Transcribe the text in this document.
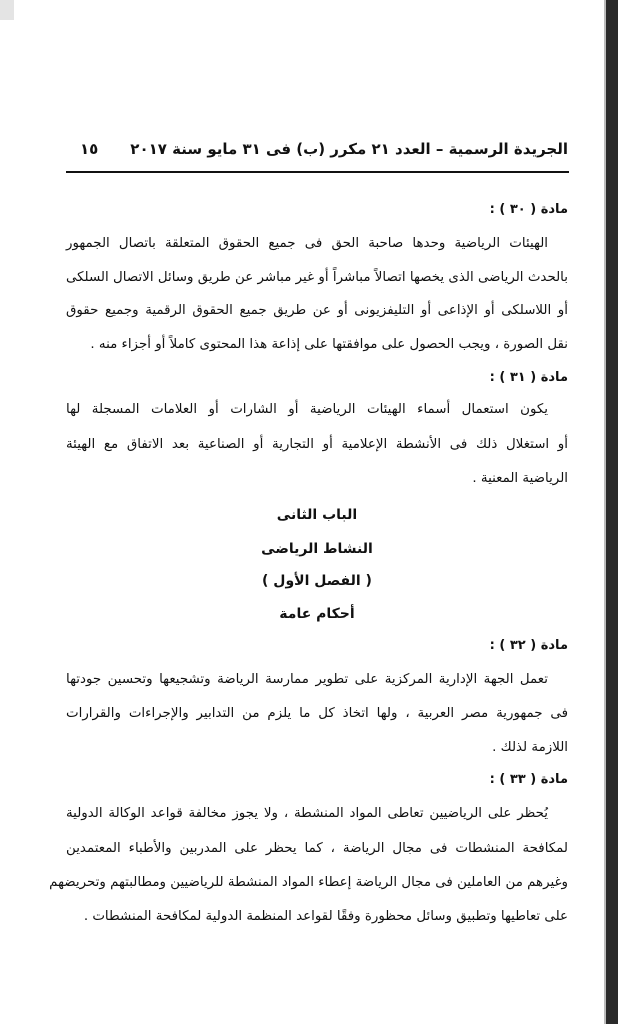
الجريدة الرسمية – العدد ٢١ مكرر (ب) فى ٣١ مايو سنة ٢٠١٧
١٥
مادة ( ٣٠ ) :
الهيئات الرياضية وحدها صاحبة الحق فى جميع الحقوق المتعلقة باتصال الجمهور
بالحدث الرياضى الذى يخصها اتصالاً مباشراً أو غير مباشر عن طريق وسائل الاتصال السلكى
أو اللاسلكى أو الإذاعى أو التليفزيونى أو عن طريق جميع الحقوق الرقمية وجميع حقوق
نقل الصورة ، ويجب الحصول على موافقتها على إذاعة هذا المحتوى كاملاً أو أجزاء منه .
مادة ( ٣١ ) :
يكون استعمال أسماء الهيئات الرياضية أو الشارات أو العلامات المسجلة لها
أو استغلال ذلك فى الأنشطة الإعلامية أو التجارية أو الصناعية بعد الاتفاق مع الهيئة
الرياضية المعنية .
الباب الثانى
النشاط الرياضى
( الفصل الأول )
أحكام عامة
مادة ( ٣٢ ) :
تعمل الجهة الإدارية المركزية على تطوير ممارسة الرياضة وتشجيعها وتحسين جودتها
فى جمهورية مصر العربية ، ولها اتخاذ كل ما يلزم من التدابير والإجراءات والقرارات
اللازمة لذلك .
مادة ( ٣٣ ) :
يُحظر على الرياضيين تعاطى المواد المنشطة ، ولا يجوز مخالفة قواعد الوكالة الدولية
لمكافحة المنشطات فى مجال الرياضة ، كما يحظر على المدربين والأطباء المعتمدين
وغيرهم من العاملين فى مجال الرياضة إعطاء المواد المنشطة للرياضيين ومطالبتهم وتحريضهم
على تعاطيها وتطبيق وسائل محظورة وفقًا لقواعد المنظمة الدولية لمكافحة المنشطات .
